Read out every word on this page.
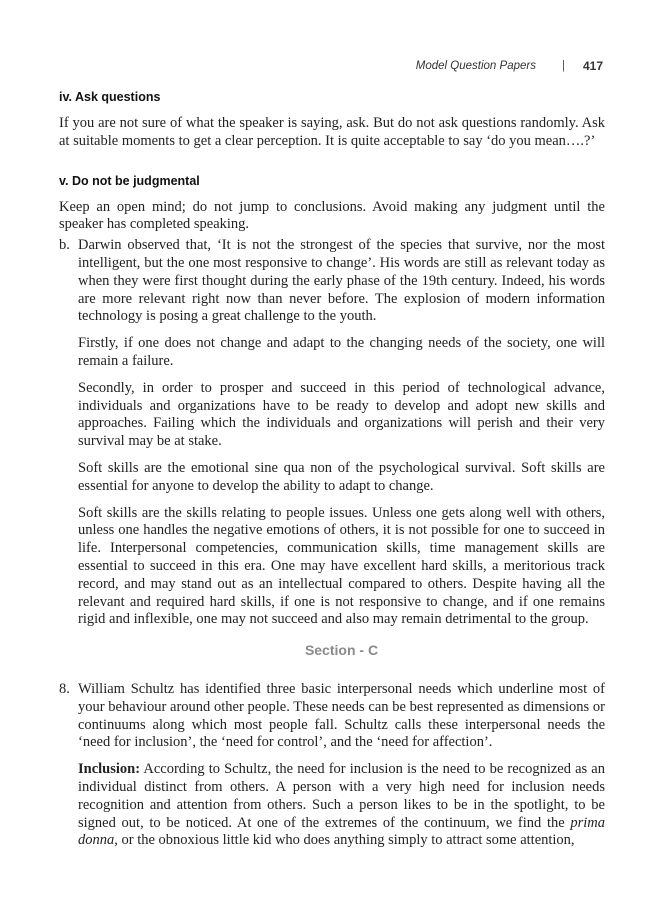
Model Question Papers | 417

iv. Ask questions

If you are not sure of what the speaker is saying, ask. But do not ask questions randomly. Ask at suitable moments to get a clear perception. It is quite acceptable to say ‘do you mean….?’

v. Do not be judgmental

Keep an open mind; do not jump to conclusions. Avoid making any judgment until the speaker has completed speaking.

b. Darwin observed that, ‘It is not the strongest of the species that survive, nor the most intelligent, but the one most responsive to change’. His words are still as relevant today as when they were first thought during the early phase of the 19th century. Indeed, his words are more relevant right now than never before. The explosion of modern information technology is posing a great challenge to the youth.

Firstly, if one does not change and adapt to the changing needs of the society, one will remain a failure.

Secondly, in order to prosper and succeed in this period of technological advance, individuals and organizations have to be ready to develop and adopt new skills and approaches. Failing which the individuals and organizations will perish and their very survival may be at stake.

Soft skills are the emotional sine qua non of the psychological survival. Soft skills are essential for anyone to develop the ability to adapt to change.

Soft skills are the skills relating to people issues. Unless one gets along well with others, unless one handles the negative emotions of others, it is not possible for one to succeed in life. Interpersonal competencies, communication skills, time management skills are essential to succeed in this era. One may have excellent hard skills, a meritorious track record, and may stand out as an intellectual compared to others. Despite having all the relevant and required hard skills, if one is not responsive to change, and if one remains rigid and inflexible, one may not succeed and also may remain detrimental to the group.

Section - C

8. William Schultz has identified three basic interpersonal needs which underline most of your behaviour around other people. These needs can be best represented as dimensions or continuums along which most people fall. Schultz calls these interpersonal needs the ‘need for inclusion’, the ‘need for control’, and the ‘need for affection’.

Inclusion: According to Schultz, the need for inclusion is the need to be recognized as an individual distinct from others. A person with a very high need for inclusion needs recognition and attention from others. Such a person likes to be in the spotlight, to be signed out, to be noticed. At one of the extremes of the continuum, we find the prima donna, or the obnoxious little kid who does anything simply to attract some attention,
